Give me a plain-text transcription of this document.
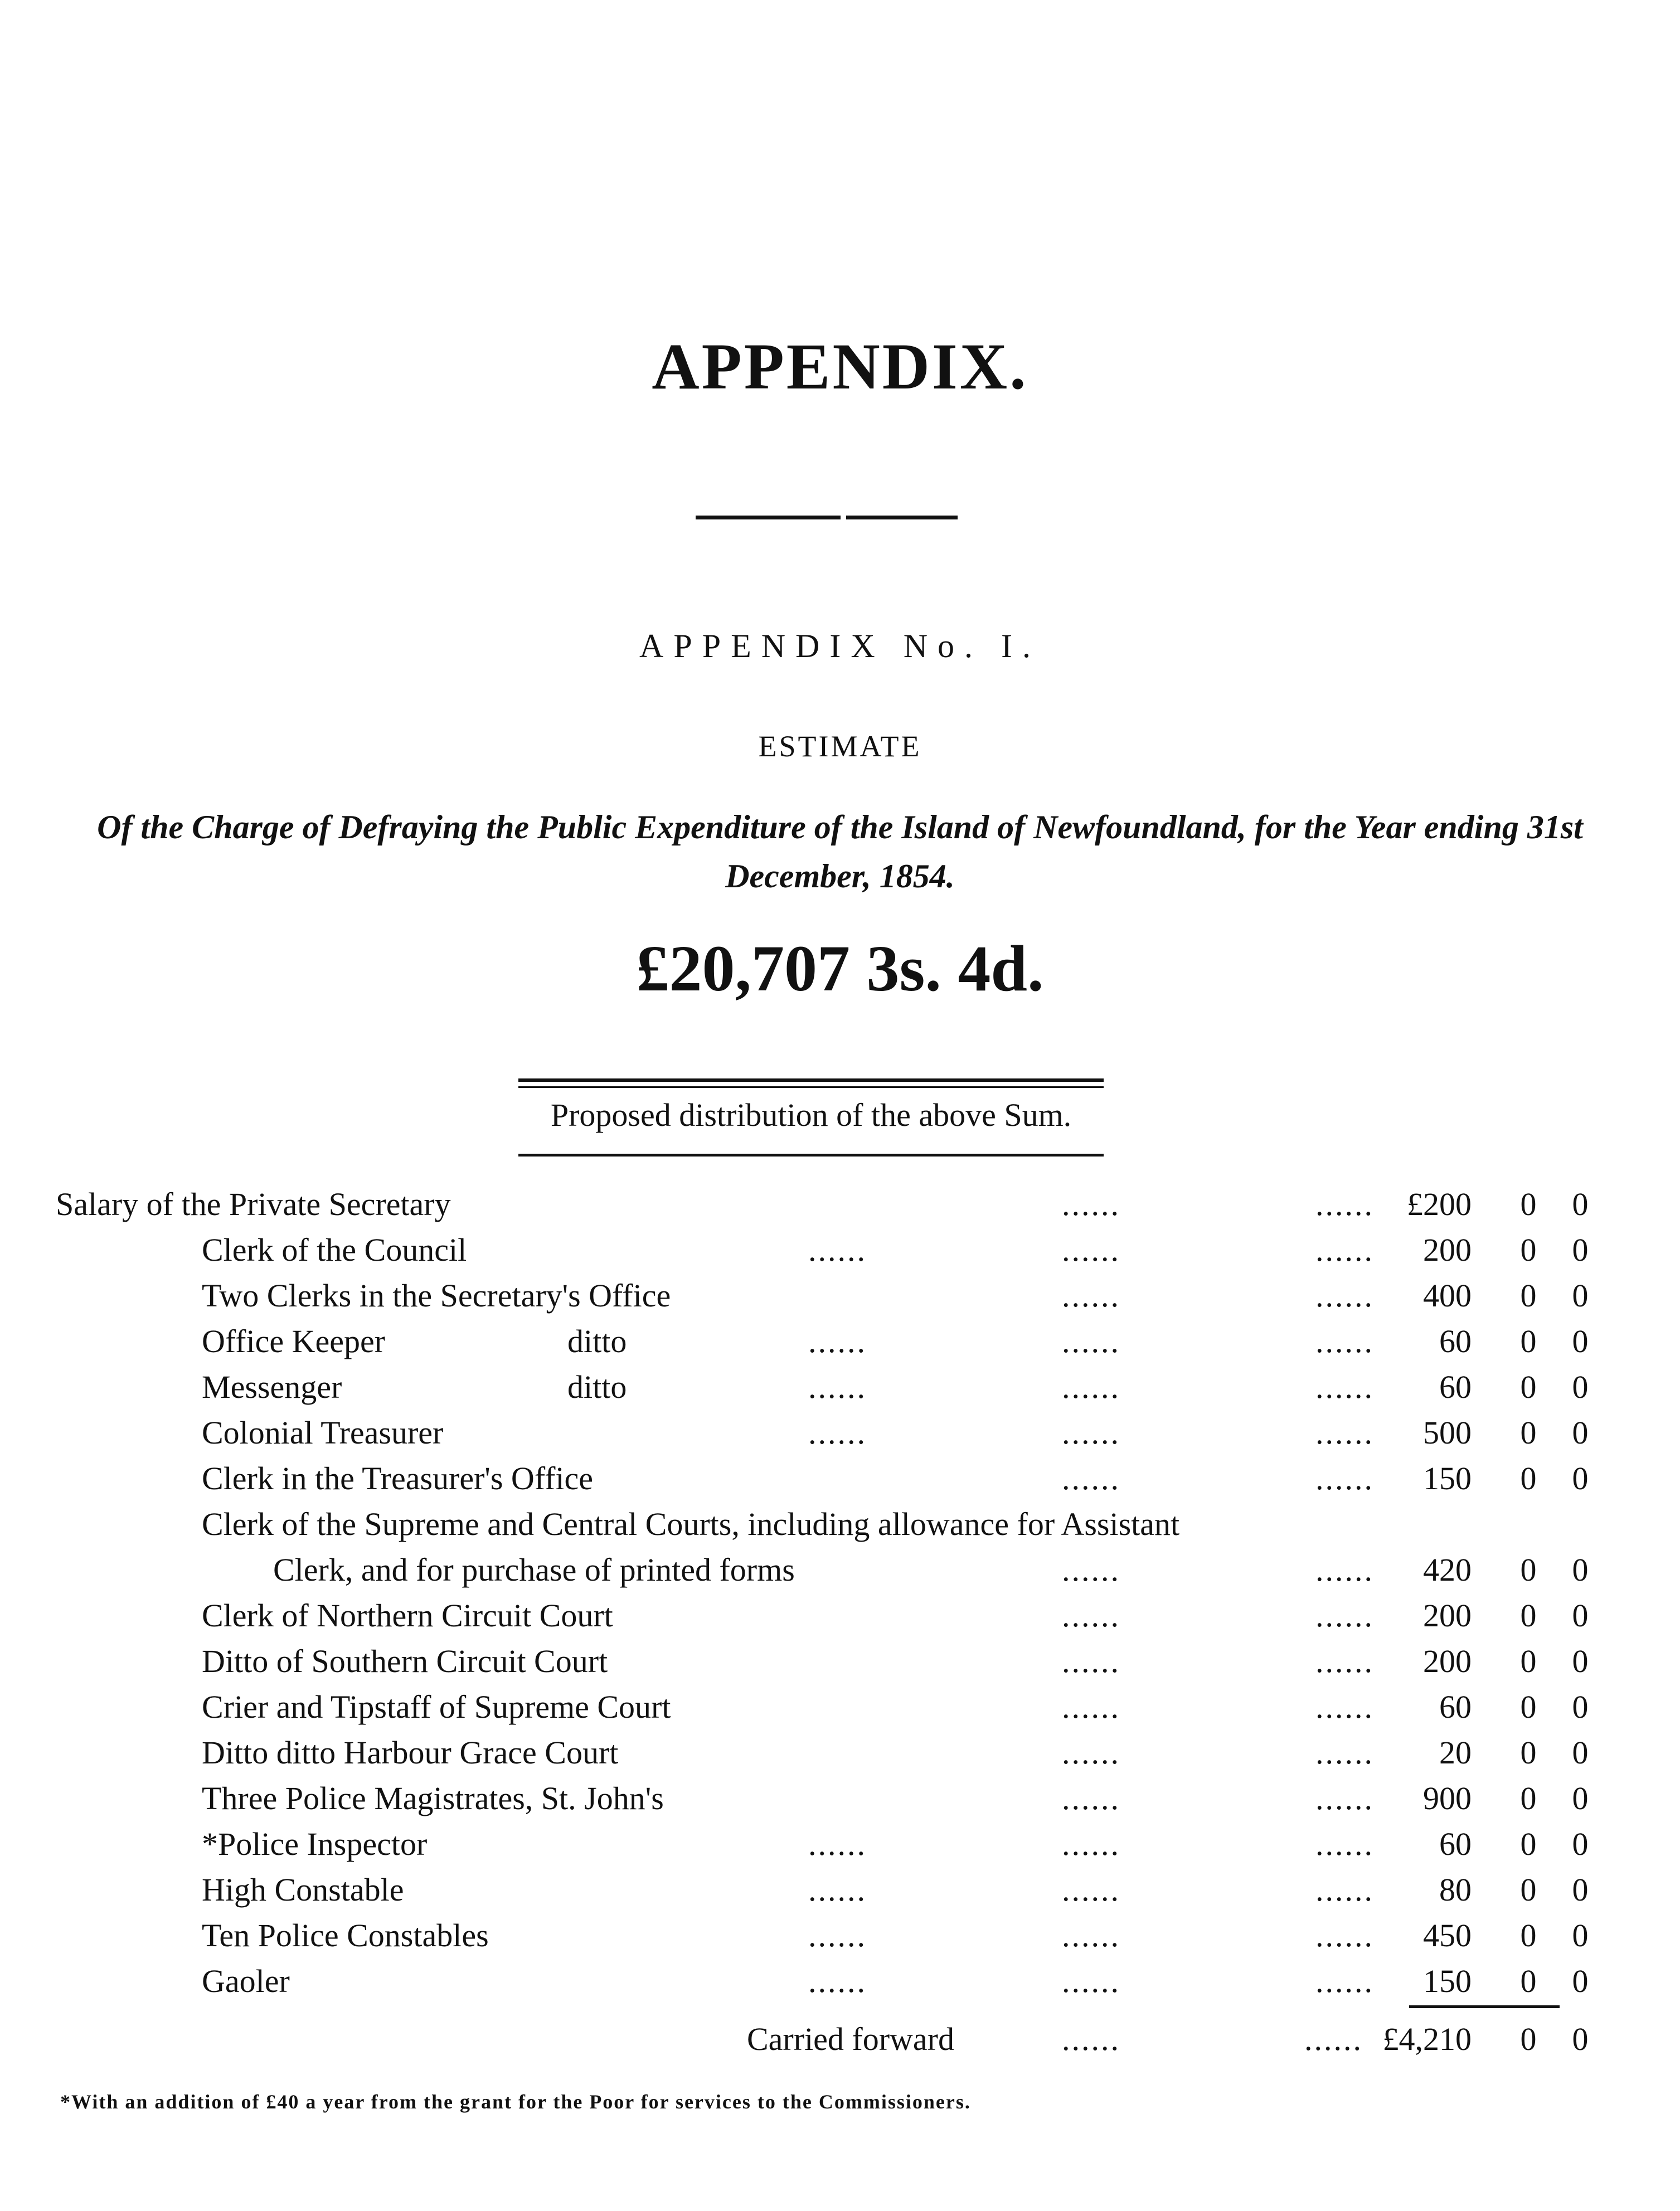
APPENDIX.
APPENDIX No. I.
ESTIMATE
Of the Charge of Defraying the Public Expenditure of the Island of Newfoundland, for the Year ending 31st December, 1854.
£20,707 3s. 4d.
Proposed distribution of the above Sum.
Salary of the Private Secretary	......	...... £200 0 0
Clerk of the Council	......	......	...... 200 0 0
Two Clerks in the Secretary's Office	......	...... 400 0 0
Office Keeper	ditto	......	......	...... 60 0 0
Messenger	ditto	......	......	...... 60 0 0
Colonial Treasurer	......	......	...... 500 0 0
Clerk in the Treasurer's Office	......	...... 150 0 0
Clerk of the Supreme and Central Courts, including allowance for Assistant
Clerk, and for purchase of printed forms	......	...... 420 0 0
Clerk of Northern Circuit Court	......	...... 200 0 0
Ditto of Southern Circuit Court	......	...... 200 0 0
Crier and Tipstaff of Supreme Court	......	...... 60 0 0
Ditto ditto Harbour Grace Court	......	...... 20 0 0
Three Police Magistrates, St. John's	......	...... 900 0 0
*Police Inspector	......	......	...... 60 0 0
High Constable	......	......	...... 80 0 0
Ten Police Constables	......	......	...... 450 0 0
Gaoler	......	......	...... 150 0 0
Carried forward	......	...... £4,210 0 0
*With an addition of £40 a year from the grant for the Poor for services to the Commissioners.
